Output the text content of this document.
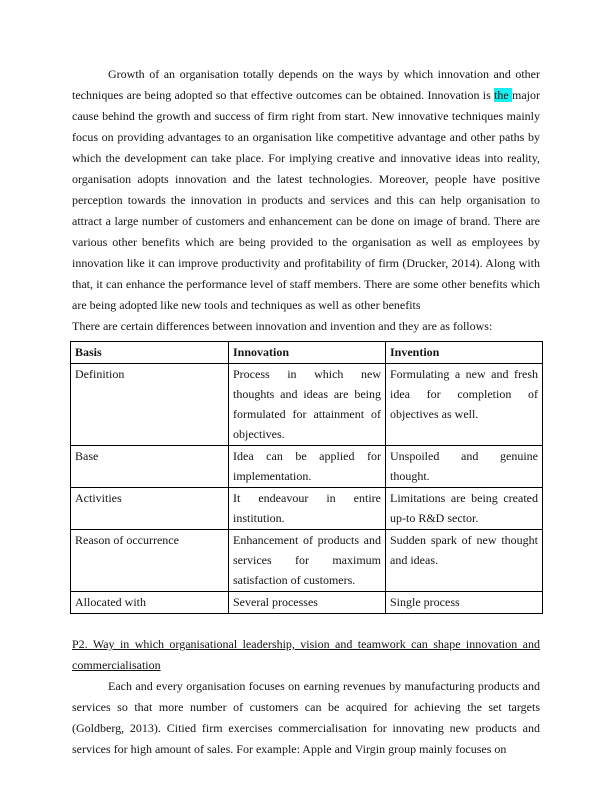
Growth of an organisation totally depends on the ways by which innovation and other techniques are being adopted so that effective outcomes can be obtained. Innovation is the major cause behind the growth and success of firm right from start. New innovative techniques mainly focus on providing advantages to an organisation like competitive advantage and other paths by which the development can take place. For implying creative and innovative ideas into reality, organisation adopts innovation and the latest technologies. Moreover, people have positive perception towards the innovation in products and services and this can help organisation to attract a large number of customers and enhancement can be done on image of brand. There are various other benefits which are being provided to the organisation as well as employees by innovation like it can improve productivity and profitability of firm (Drucker, 2014). Along with that, it can enhance the performance level of staff members. There are some other benefits which are being adopted like new tools and techniques as well as other benefits

There are certain differences between innovation and invention and they are as follows:

Basis	Innovation	Invention
Definition	Process in which new thoughts and ideas are being formulated for attainment of objectives.	Formulating a new and fresh idea for completion of objectives as well.
Base	Idea can be applied for implementation.	Unspoiled and genuine thought.
Activities	It endeavour in entire institution.	Limitations are being created up-to R&D sector.
Reason of occurrence	Enhancement of products and services for maximum satisfaction of customers.	Sudden spark of new thought and ideas.
Allocated with	Several processes	Single process
P2. Way in which organisational leadership, vision and teamwork can shape innovation and commercialisation

Each and every organisation focuses on earning revenues by manufacturing products and services so that more number of customers can be acquired for achieving the set targets (Goldberg, 2013). Citied firm exercises commercialisation for innovating new products and services for high amount of sales. For example: Apple and Virgin group mainly focuses on
